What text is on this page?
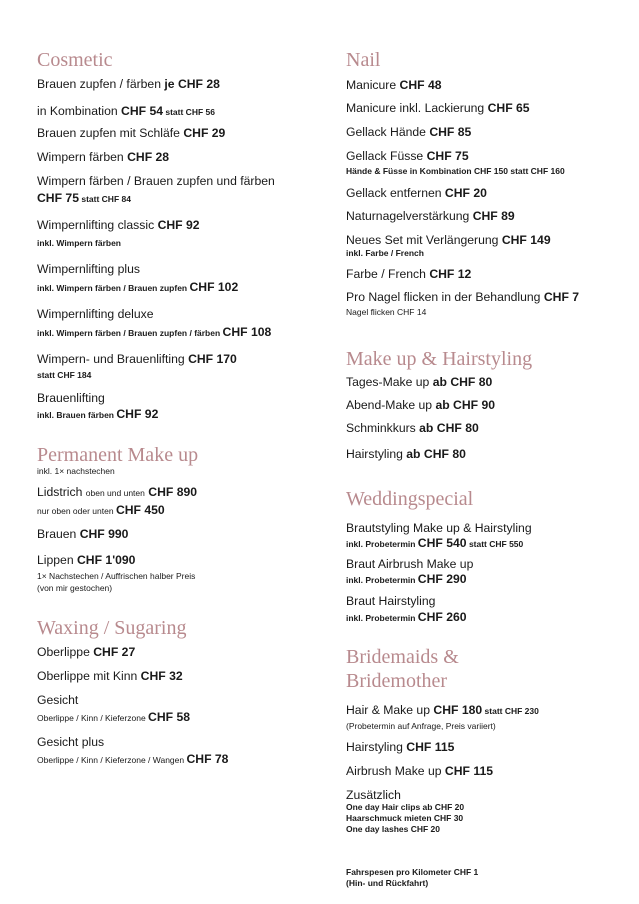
Cosmetic
Brauen zupfen / färben je CHF 28
in Kombination CHF 54 statt CHF 56
Brauen zupfen mit Schläfe CHF 29
Wimpern färben CHF 28
Wimpern färben / Brauen zupfen und färben
CHF 75 statt CHF 84
Wimpernlifting classic CHF 92
inkl. Wimpern färben
Wimpernlifting plus
inkl. Wimpern färben / Brauen zupfen CHF 102
Wimpernlifting deluxe
inkl. Wimpern färben / Brauen zupfen / färben CHF 108
Wimpern- und Brauenlifting CHF 170
statt CHF 184
Brauenlifting
inkl. Brauen färben CHF 92
Permanent Make up
inkl. 1× nachstechen
Lidstrich oben und unten CHF 890
nur oben oder unten CHF 450
Brauen CHF 990
Lippen CHF 1'090
1× Nachstechen / Auffrischen halber Preis
(von mir gestochen)
Waxing / Sugaring
Oberlippe CHF 27
Oberlippe mit Kinn CHF 32
Gesicht
Oberlippe / Kinn / Kieferzone CHF 58
Gesicht plus
Oberlippe / Kinn / Kieferzone / Wangen CHF 78
Nail
Manicure CHF 48
Manicure inkl. Lackierung CHF 65
Gellack Hände CHF 85
Gellack Füsse CHF 75
Hände & Füsse in Kombination CHF 150 statt CHF 160
Gellack entfernen CHF 20
Naturnagelverstärkung CHF 89
Neues Set mit Verlängerung CHF 149
inkl. Farbe / French
Farbe / French CHF 12
Pro Nagel flicken in der Behandlung CHF 7
Nagel flicken CHF 14
Make up & Hairstyling
Tages-Make up ab CHF 80
Abend-Make up ab CHF 90
Schminkkurs ab CHF 80
Hairstyling ab CHF 80
Weddingspecial
Brautstyling Make up & Hairstyling
inkl. Probetermin CHF 540 statt CHF 550
Braut Airbrush Make up
inkl. Probetermin CHF 290
Braut Hairstyling
inkl. Probetermin CHF 260
Bridemaids &
Bridemother
Hair & Make up CHF 180 statt CHF 230
(Probetermin auf Anfrage, Preis variiert)
Hairstyling CHF 115
Airbrush Make up CHF 115
Zusätzlich
One day Hair clips ab CHF 20
Haarschmuck mieten CHF 30
One day lashes CHF 20
Fahrspesen pro Kilometer CHF 1
(Hin- und Rückfahrt)
